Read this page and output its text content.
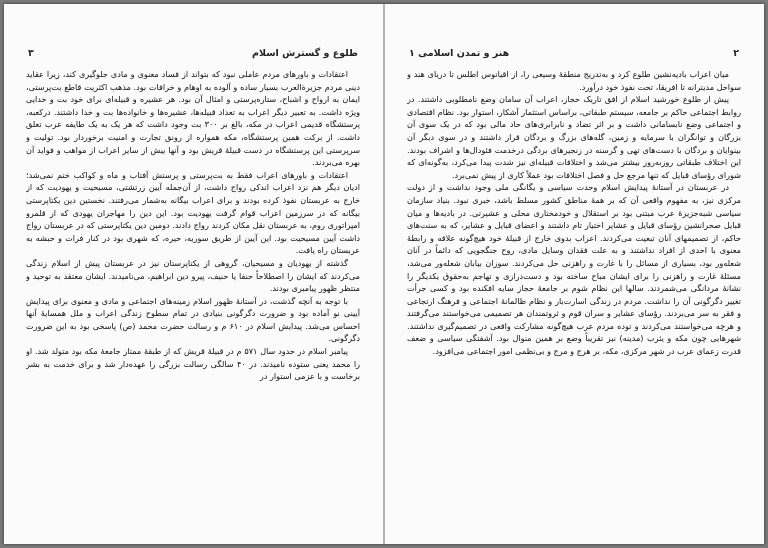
طلوع و گسترش اسلام
۳

اعتقادات و باورهای مردم عاملی نبود که بتواند از فساد معنوی و مادی جلوگیری کند، زیرا عقاید دینی مردم جزیرةالعرب بسیار ساده و آلوده به اوهام و خرافات بود. مذهب اکثریت قاطع بت‌پرستی، ایمان به ارواح و اشباح، ستاره‌پرستی و امثال آن بود. هر عشیره و قبیله‌ای برای خود بت و خدایی ویژه داشت. به تعبیر دیگر اعراب به تعداد قبیله‌ها، عشیره‌ها و خانواده‌ها بت و خدا داشتند. درکعبه، پرستشگاه قدیمی اعراب در مکه، بالغ بر ۳۰۰ بت وجود داشت که هر یک به یک طایفه عرب تعلق داشت. از برکت همین پرستشگاه، مکه همواره از رونق تجارت و امنیت برخوردار بود. تولیت و سرپرستی این پرستشگاه در دست قبیلهٔ قریش بود و آنها بیش از سایر اعراب از مواهب و فواید آن بهره می‌بردند.

اعتقادات و باورهای اعراب فقط به بت‌پرستی و پرستش آفتاب و ماه و کواکب ختم نمی‌شد؛ ادیان دیگر هم نزد اعراب اندکی رواج داشت، از آن‌جمله آیین زرتشتی، مسیحیت و یهودیت که از خارج به عربستان نفوذ کرده بودند و برای اعراب بیگانه به‌شمار می‌رفتند. نخستین دین یکتاپرستی بیگانه که در سرزمین اعراب قوام گرفت یهودیت بود. این دین را مهاجران یهودی که از قلمرو امپراتوری روم، به عربستان نقل مکان کردند رواج دادند. دومین دین یکتاپرستی که در عربستان رواج داشت آیین مسیحیت بود. این آیین از طریق سوریه، حیره، که شهری بود در کنار فرات و حبشه به عربستان راه یافت.

گذشته از یهودیان و مسیحیان، گروهی از یکتاپرستان نیز در عربستان پیش از اسلام زندگی می‌کردند که ایشان را اصطلاحاً حنفا یا حنیف، پیرو دین ابراهیم، می‌نامیدند. ایشان معتقد به توحید و منتظر ظهور پیامبری بودند.

با توجه به آنچه گذشت، در آستانهٔ ظهور اسلام زمینه‌های اجتماعی و مادی و معنوی برای پیدایش آیینی نو آماده بود و ضرورت دگرگونی بنیادی در تمام سطوح زندگی اعراب و ملل همسایهٔ آنها احساس می‌شد. پیدایش اسلام در ۶۱۰ م و رسالت حضرت محمد (ص) پاسخی بود به این ضرورت دگرگونی.

پیامبر اسلام در حدود سال ۵۷۱ م در قبیلهٔ قریش که از طبقهٔ ممتاز جامعهٔ مکه بود متولد شد. او را محمد یعنی ستوده نامیدند. در ۴۰ سالگی رسالت بزرگی را عهده‌دار شد و برای خدمت به بشر برخاست و با عزمی استوار در

۲
هنر و تمدن اسلامی ۱

میان اعراب بادیه‌نشین طلوع کرد و به‌تدریج منطقهٔ وسیعی را، از اقیانوس اطلس تا دریای هند و سواحل مدیترانه تا افریقا، تحت نفوذ خود درآورد.

پیش از طلوع خورشید اسلام از افق تاریک حجاز، اعراب آن سامان وضع نامطلوبی داشتند. در روابط اجتماعی حاکم بر جامعه، سیستم طبقاتی، براساس استثمار آشکار، استوار بود. نظام اقتصادی و اجتماعی وضع نابسامانی داشت و بر اثر تضاد و نابرابری‌های حاد مالی بود که در یک سوی آن بزرگان و توانگران با سرمایه و زمین، گله‌های بزرگ و بردگان قرار داشتند و در سوی دیگر آن بینوایان و بردگان با دست‌های تهی و گرسنه در زنجیرهای بردگی درخدمت فئودال‌ها و اشراف بودند. این اختلاف طبقاتی روزبه‌روز بیشتر می‌شد و اختلافات قبیله‌ای نیز شدت پیدا می‌کرد، به‌گونه‌ای که شورای رؤسای قبایل که تنها مرجع حل و فصل اختلافات بود عملاً کاری از پیش نمی‌برد.

در عربستان در آستانهٔ پیدایش اسلام وحدت سیاسی و یگانگی ملی وجود نداشت و از دولت مرکزی نیز، به مفهوم واقعی آن که بر همهٔ مناطق کشور مسلط باشد، خبری نبود. بنیاد سازمان سیاسی شبه‌جزیرهٔ عرب مبتنی بود بر استقلال و خودمختاری محلی و عشیرتی. در بادیه‌ها و میان قبایل صحرانشین رؤسای قبایل و عشایر اختیار تام داشتند و اعضای قبایل و عشایر، که به سنت‌های حاکم، از تصمیمهای آنان تبعیت می‌کردند. اعراب بدوی خارج از قبیلهٔ خود هیچ‌گونه علاقه و رابطهٔ معنوی با احدی از افراد نداشتند و به علت فقدان وسایل مادی، روح جنگجویی که دائماً در آنان شعله‌ور بود، بسیاری از مسائل را با غارت و راهزنی حل می‌کردند. سوزان بیابان شعله‌ور می‌شد، مسئلهٔ غارت و راهزنی را برای ایشان مباح ساخته بود و دست‌درازی و تهاجم به‌حقوق یکدیگر را نشانهٔ مردانگی می‌شمردند. سالها این نظام شوم بر جامعهٔ حجاز سایه افکنده بود و کسی جرأت تغییر دگرگونی آن را نداشت. مردم در زندگی اسارت‌بار و نظام ظالمانهٔ اجتماعی و فرهنگ ارتجاعی و فقر به سر می‌بردند. رؤسای عشایر و سران قوم و ثروتمندان هر تصمیمی می‌خواستند می‌گرفتند و هرچه می‌خواستند می‌کردند و توده مردم عرب هیچ‌گونه مشارکت واقعی در تصمیم‌گیری نداشتند. شهرهایی چون مکه و یثرب (مدینه) نیز تقریباً وضع بر همین منوال بود. آشفتگی سیاسی و ضعف قدرت زعمای عرب در شهر مرکزی، مکه، بر هرج و مرج و بی‌نظمی امور اجتماعی می‌افزود.
